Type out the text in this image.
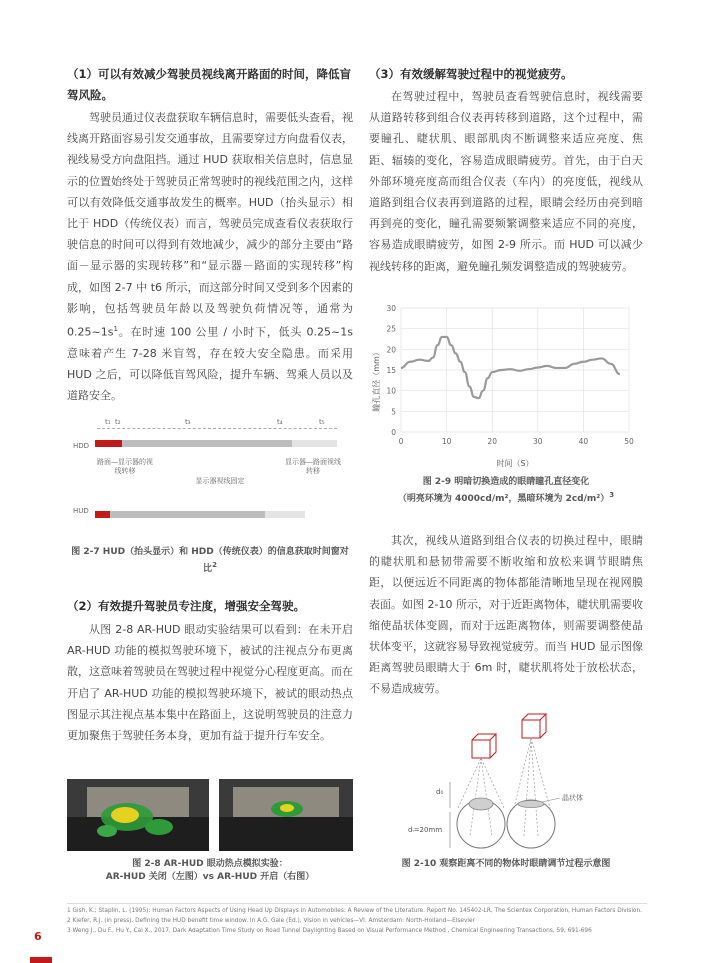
（1）可以有效减少驾驶员视线离开路面的时间，降低盲驾风险。
驾驶员通过仪表盘获取车辆信息时，需要低头查看，视线离开路面容易引发交通事故，且需要穿过方向盘看仪表，视线易受方向盘阻挡。通过 HUD 获取相关信息时，信息显示的位置始终处于驾驶员正常驾驶时的视线范围之内，这样可以有效降低交通事故发生的概率。HUD（抬头显示）相比于 HDD（传统仪表）而言，驾驶员完成查看仪表获取行驶信息的时间可以得到有效地减少，减少的部分主要由“路面－显示器的实现转移”和“显示器－路面的实现转移”构成，如图 2-7 中 t6 所示，而这部分时间又受到多个因素的影响，包括驾驶员年龄以及驾驶负荷情况等，通常为 $0.25\sim 1s^1$。在时速 100 公里 / 小时下，低头 0.25~1s 意味着产生 7-28 米盲驾，存在较大安全隐患。而采用 HUD 之后，可以降低盲驾风险，提升车辆、驾乘人员以及道路安全。
t₁ t₂	t₃	t₄	t₅
HDD
路面—显示器的视线转移
显示器视线固定
显示器—路面视线转移
HUD
图 2-7 HUD（抬头显示）和 HDD（传统仪表）的信息获取时间窗对比$^2$
（2）有效提升驾驶员专注度，增强安全驾驶。
从图 2-8 AR-HUD 眼动实验结果可以看到：在未开启 AR-HUD 功能的模拟驾驶环境下，被试的注视点分布更离散，这意味着驾驶员在驾驶过程中视觉分心程度更高。而在开启了 AR-HUD 功能的模拟驾驶环境下，被试的眼动热点图显示其注视点基本集中在路面上，这说明驾驶员的注意力更加聚焦于驾驶任务本身，更加有益于提升行车安全。
图 2-8 AR-HUD 眼动热点模拟实验：
AR-HUD 关闭（左图）vs AR-HUD 开启（右图）
（3）有效缓解驾驶过程中的视觉疲劳。
在驾驶过程中，驾驶员查看驾驶信息时，视线需要从道路转移到组合仪表再转移到道路，这个过程中，需要瞳孔、睫状肌、眼部肌肉不断调整来适应亮度、焦距、辐辏的变化，容易造成眼睛疲劳。首先，由于白天外部环境亮度高而组合仪表（车内）的亮度低，视线从道路到组合仪表再到道路的过程，眼睛会经历由亮到暗再到亮的变化，瞳孔需要频繁调整来适应不同的亮度，容易造成眼睛疲劳，如图 2-9 所示。而 HUD 可以减少视线转移的距离，避免瞳孔频发调整造成的驾驶疲劳。
0
5
10
15
20
25
30
0	10	20	30	40	50
时间（S）
瞳孔直径（mm）
图 2-9 明暗切换造成的眼睛瞳孔直径变化
（明亮环境为 4000cd/m²，黑暗环境为 2cd/m²）$^3$
其次，视线从道路到组合仪表的切换过程中，眼睛的睫状肌和悬韧带需要不断收缩和放松来调节眼睛焦距，以便远近不同距离的物体都能清晰地呈现在视网膜表面。如图 2-10 所示，对于近距离物体，睫状肌需要收缩使晶状体变圆，而对于远距离物体，则需要调整使晶状体变平，这就容易导致视觉疲劳。而当 HUD 显示图像距离驾驶员眼睛大于 6m 时，睫状肌将处于放松状态，不易造成疲劳。
d₀
dᵢ=20mm
晶状体
图 2-10 观察距离不同的物体时眼睛调节过程示意图
1 Gish, K.; Staplin, L. (1995): Human Factors Aspects of Using Head Up Displays in Automobiles: A Review of the Literature. Report No. 145402-LR, The Scientex Corporation, Human Factors Division.
2 Kiefer, R.J. (in press). Defining the HUD benefit time window. In A.G. Gale (Ed.), Vision in vehicles—VI. Amsterdam: North-Holland—Elsevier
3 Weng J., Du F., Hu Y., Cai X., 2017, Dark Adaptation Time Study on Road Tunnel Daylighting Based on Visual Performance Method , Chemical Engineering Transactions, 59, 691-696
6
